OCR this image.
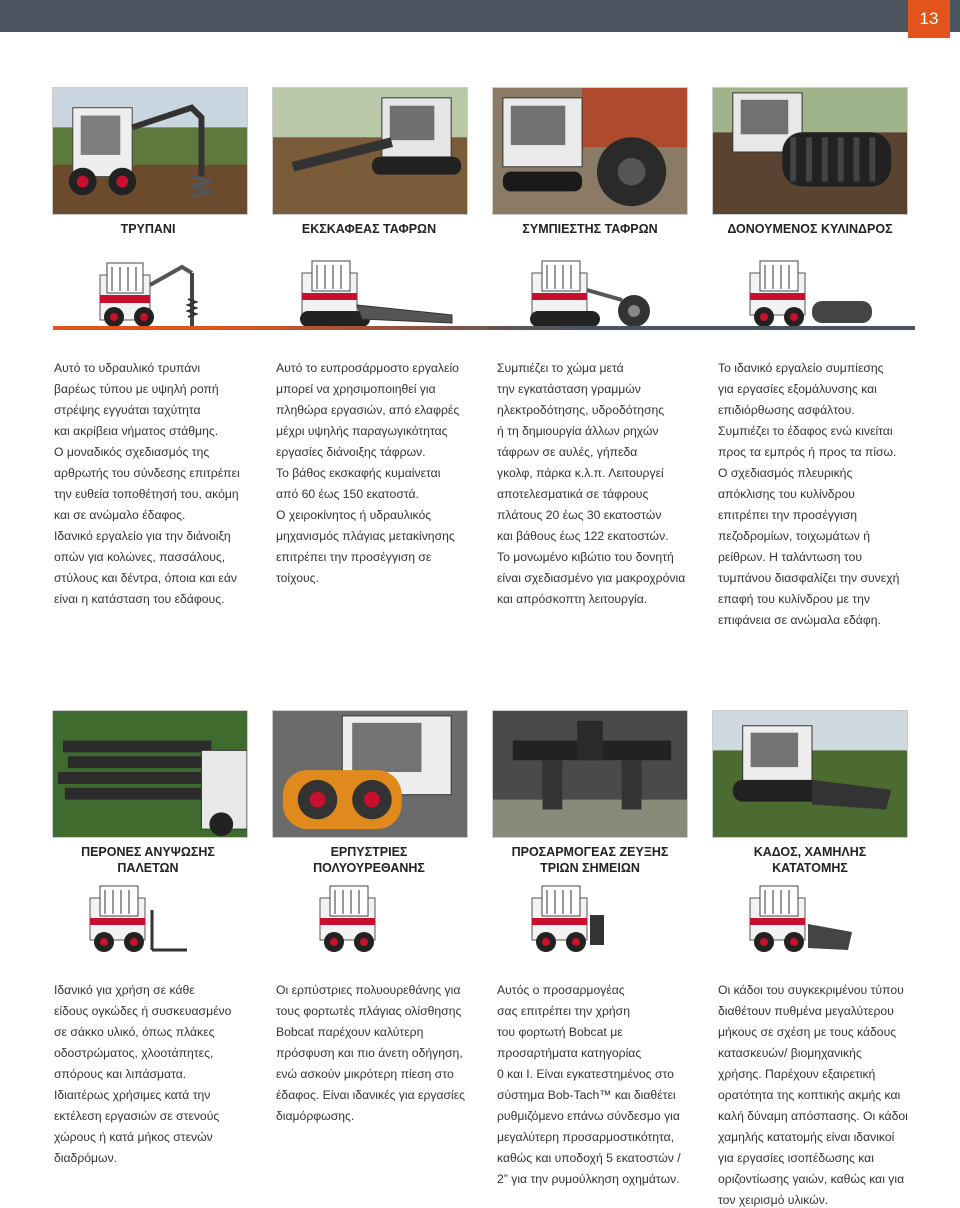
13
ΤΡΥΠΑΝΙ	ΕΚΣΚΑΦΕΑΣ ΤΑΦΡΩΝ	ΣΥΜΠΙΕΣΤΗΣ ΤΑΦΡΩΝ	ΔΟΝΟΥΜΕΝΟΣ ΚΥΛΙΝΔΡΟΣ
Αυτό το υδραυλικό τρυπάνι
βαρέως τύπου με υψηλή ροπή
στρέψης εγγυάται ταχύτητα
και ακρίβεια νήματος στάθμης.
Ο μοναδικός σχεδιασμός της
αρθρωτής του σύνδεσης επιτρέπει
την ευθεία τοποθέτησή του, ακόμη
και σε ανώμαλο έδαφος.
Ιδανικό εργαλείο για την διάνοιξη
οπών για κολώνες, πασσάλους,
στύλους και δέντρα, όποια και εάν
είναι η κατάσταση του εδάφους.
Αυτό το ευπροσάρμοστο εργαλείο
μπορεί να χρησιμοποιηθεί για
πληθώρα εργασιών, από ελαφρές
μέχρι υψηλής παραγωγικότητας
εργασίες διάνοιξης τάφρων.
Το βάθος εκσκαφής κυμαίνεται
από 60 έως 150 εκατοστά.
Ο χειροκίνητος ή υδραυλικός
μηχανισμός πλάγιας μετακίνησης
επιτρέπει την προσέγγιση σε
τοίχους.
Συμπιέζει το χώμα μετά
την εγκατάσταση γραμμών
ηλεκτροδότησης, υδροδότησης
ή τη δημιουργία άλλων ρηχών
τάφρων σε αυλές, γήπεδα
γκολφ, πάρκα κ.λ.π. Λειτουργεί
αποτελεσματικά σε τάφρους
πλάτους 20 έως 30 εκατοστών
και βάθους έως 122 εκατοστών.
Το μονωμένο κιβώτιο του δονητή
είναι σχεδιασμένο για μακροχρόνια
και απρόσκοπτη λειτουργία.
Το ιδανικό εργαλείο συμπίεσης
για εργασίες εξομάλυνσης και
επιδιόρθωσης ασφάλτου.
Συμπιέζει το έδαφος ενώ κινείται
προς τα εμπρός ή προς τα πίσω.
Ο σχεδιασμός πλευρικής
απόκλισης του κυλίνδρου
επιτρέπει την προσέγγιση
πεζοδρομίων, τοιχωμάτων ή
ρείθρων. Η ταλάντωση του
τυμπάνου διασφαλίζει την συνεχή
επαφή του κυλίνδρου με την
επιφάνεια σε ανώμαλα εδάφη.
ΠΕΡΟΝΕΣ ΑΝΥΨΩΣΗΣ
ΠΑΛΕΤΩΝ
ΕΡΠΥΣΤΡΙΕΣ
ΠΟΛΥΟΥΡΕΘΑΝΗΣ
ΠΡΟΣΑΡΜΟΓΕΑΣ ΖΕΥΞΗΣ
ΤΡΙΩΝ ΣΗΜΕΙΩΝ
ΚΑΔΟΣ, ΧΑΜΗΛΗΣ
ΚΑΤΑΤΟΜΗΣ
Ιδανικό για χρήση σε κάθε
είδους ογκώδες ή συσκευασμένο
σε σάκκο υλικό, όπως πλάκες
οδοστρώματος, χλοοτάπητες,
σπόρους και λιπάσματα.
Ιδιαιτέρως χρήσιμες κατά την
εκτέλεση εργασιών σε στενούς
χώρους ή κατά μήκος στενών
διαδρόμων.
Οι ερπύστριες πολυουρεθάνης για
τους φορτωτές πλάγιας ολίσθησης
Bobcat παρέχουν καλύτερη
πρόσφυση και πιο άνετη οδήγηση,
ενώ ασκούν μικρότερη πίεση στο
έδαφος. Είναι ιδανικές για εργασίες
διαμόρφωσης.
Αυτός ο προσαρμογέας
σας επιτρέπει την χρήση
του φορτωτή Bobcat με
προσαρτήματα κατηγορίας
0 και Ι. Είναι εγκατεστημένος στο
σύστημα Bob-Tach™ και διαθέτει
ρυθμιζόμενο επάνω σύνδεσμο για
μεγαλύτερη προσαρμοστικότητα,
καθώς και υποδοχή 5 εκατοστών /
2” για την ρυμούλκηση οχημάτων.
Οι κάδοι του συγκεκριμένου τύπου
διαθέτουν πυθμένα μεγαλύτερου
μήκους σε σχέση με τους κάδους
κατασκευών/ βιομηχανικής
χρήσης. Παρέχουν εξαιρετική
ορατότητα της κοπτικής ακμής και
καλή δύναμη απόσπασης. Οι κάδοι
χαμηλής κατατομής είναι ιδανικοί
για εργασίες ισοπέδωσης και
οριζοντίωσης γαιών, καθώς και για
τον χειρισμό υλικών.
